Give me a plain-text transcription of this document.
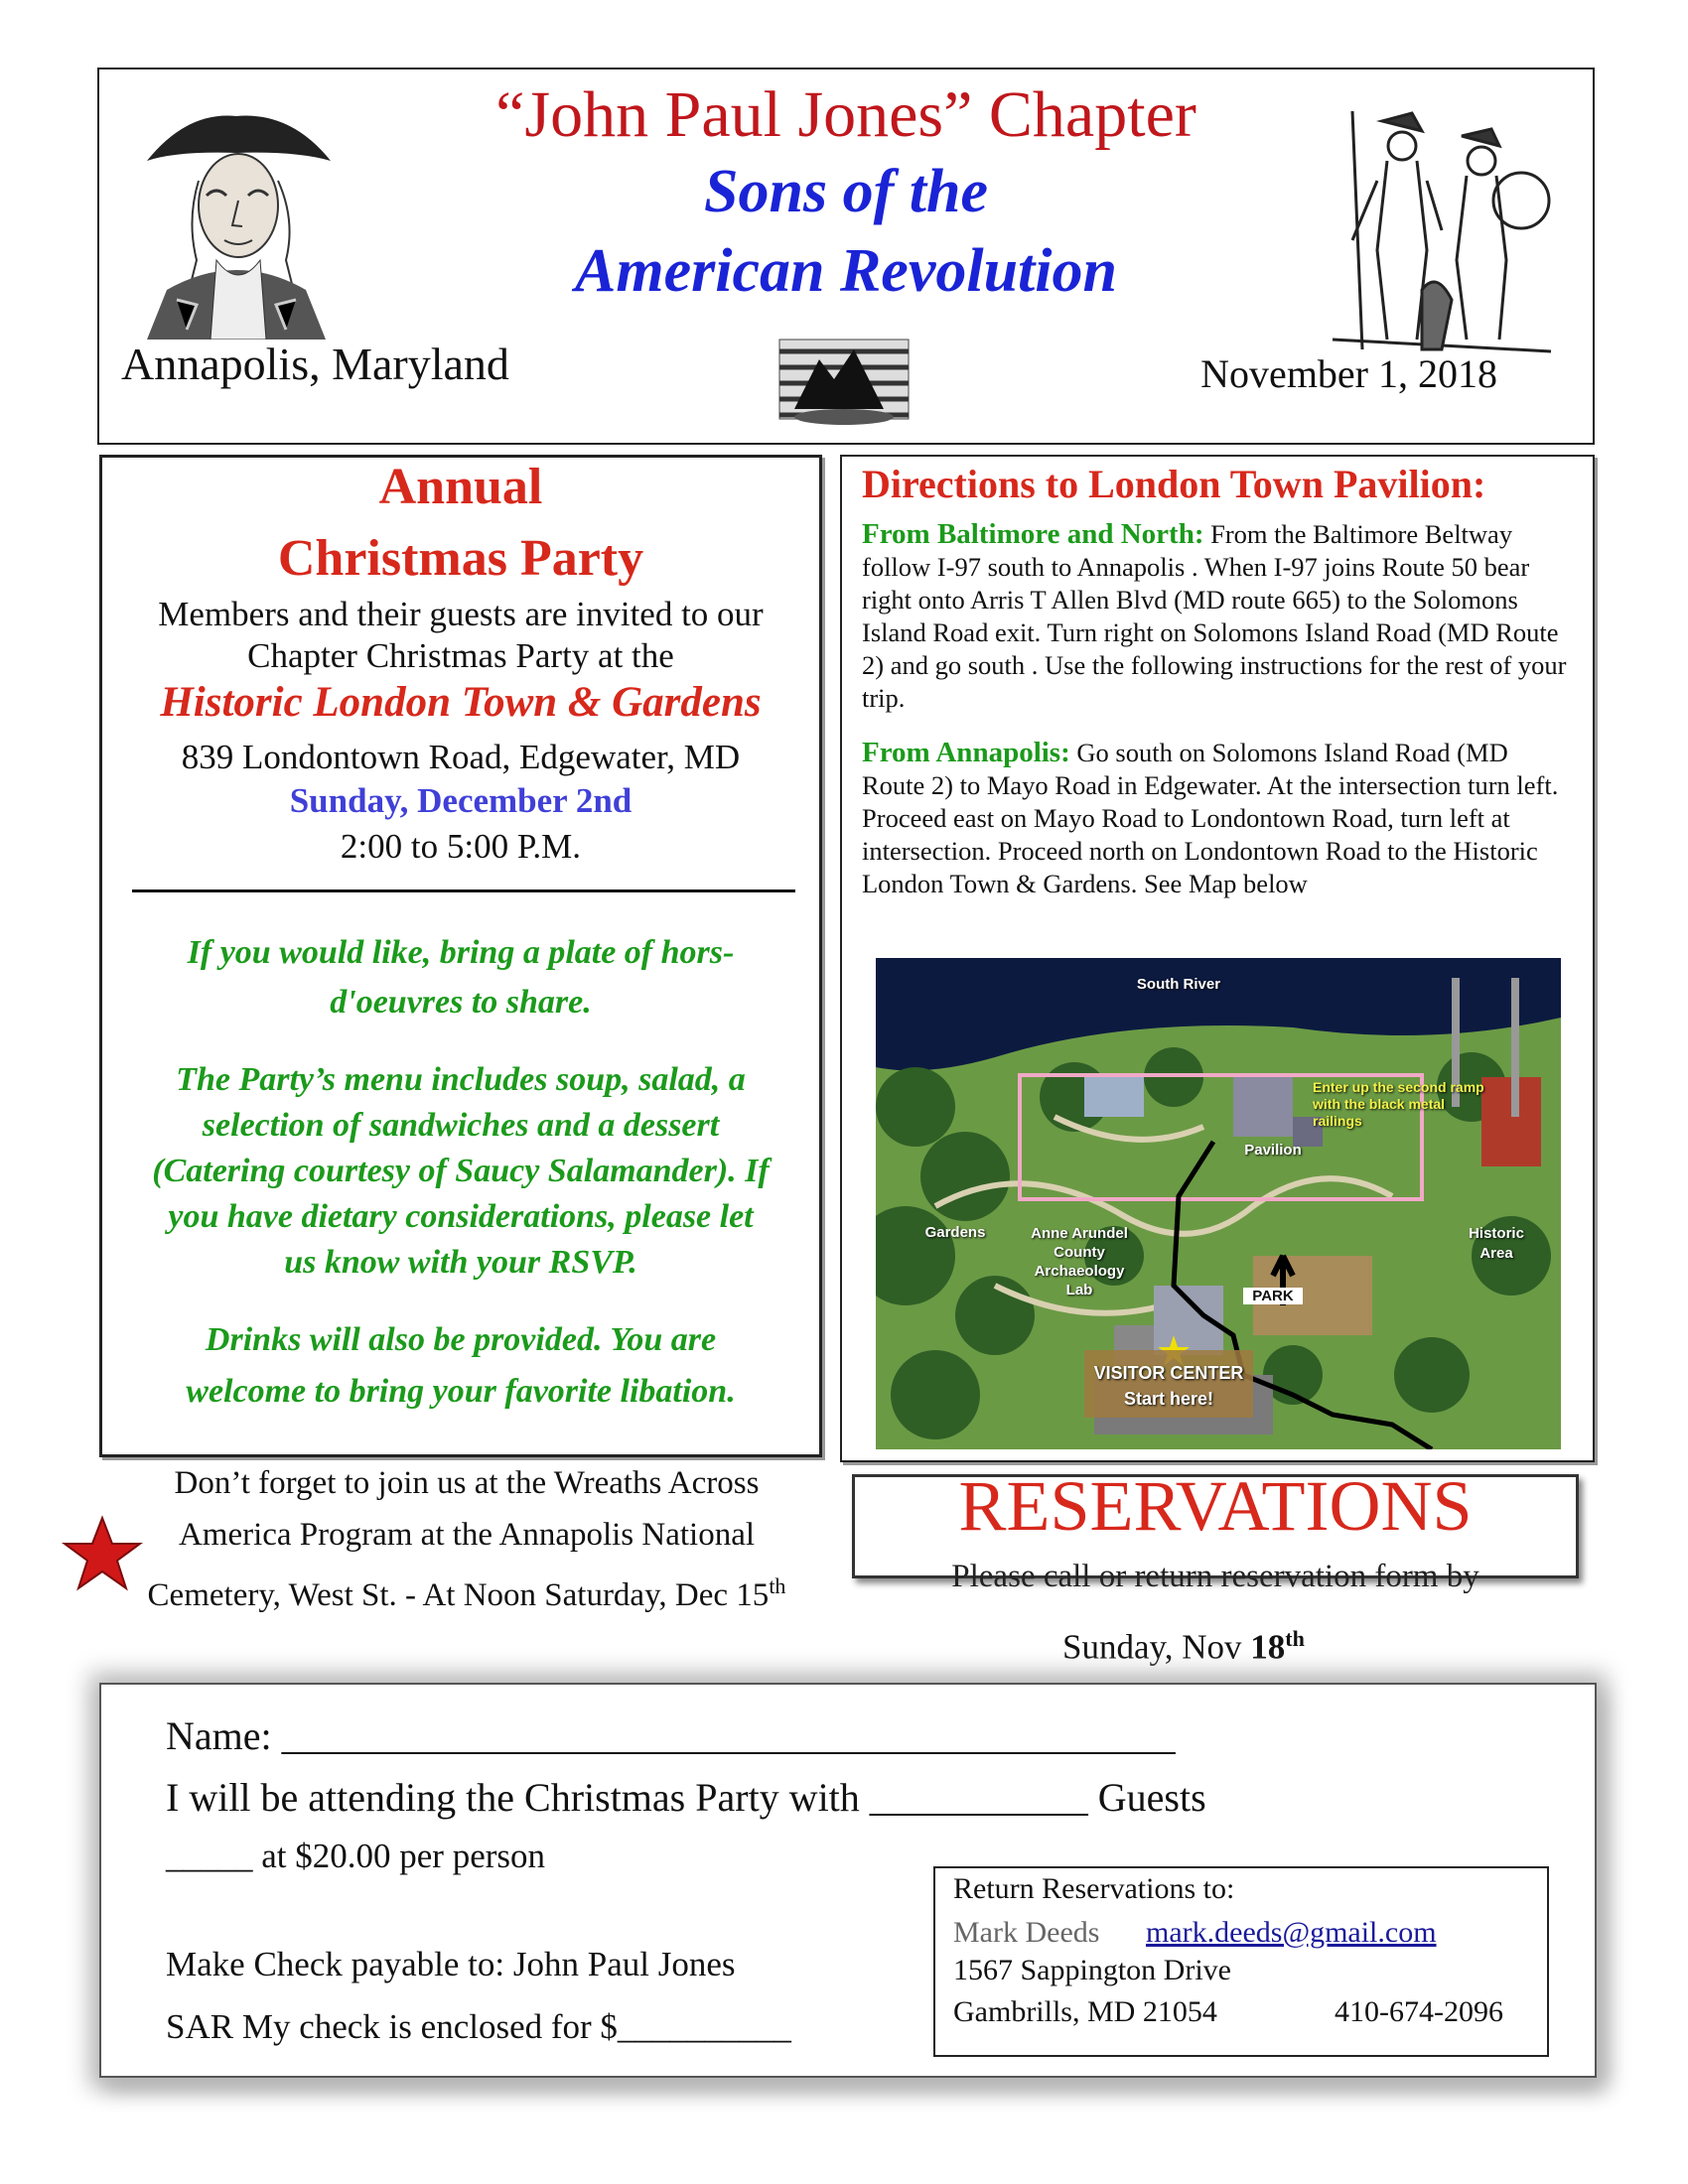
“John Paul Jones” Chapter
Sons of the
American Revolution
Annapolis, Maryland	November 1, 2018
Annual
Christmas Party
Members and their guests are invited to our
Chapter Christmas Party at the
Historic London Town & Gardens
839 Londontown Road, Edgewater, MD
Sunday, December 2nd
2:00 to 5:00 P.M.
If you would like, bring a plate of hors-
d'oeuvres to share.
The Party’s menu includes soup, salad, a
selection of sandwiches and a dessert
(Catering courtesy of Saucy Salamander). If
you have dietary considerations, please let
us know with your RSVP.
Drinks will also be provided. You are
welcome to bring your favorite libation.
Directions to London Town Pavilion:
From Baltimore and North: From the Baltimore Beltway follow I-97 south to Annapolis . When I-97 joins Route 50 bear right onto Arris T Allen Blvd (MD route 665) to the Solomons Island Road exit. Turn right on Solomons Island Road (MD Route 2) and go south . Use the following instructions for the rest of your trip.
From Annapolis: Go south on Solomons Island Road (MD Route 2) to Mayo Road in Edgewater. At the intersection turn left. Proceed east on Mayo Road to Londontown Road, turn left at intersection. Proceed north on Londontown Road to the Historic London Town & Gardens. See Map below
South River
Pavilion
Gardens	Anne Arundel
County
Archaeology
Lab
Historic
Area
PARK
VISITOR CENTER
Start here!
Enter up the second ramp
with the black metal
railings
Don’t forget to join us at the Wreaths Across
America Program at the Annapolis National
Cemetery, West St. - At Noon Saturday, Dec 15th
RESERVATIONS
Please call or return reservation form by
Sunday, Nov 18th
Name: _____________________________________________
I will be attending the Christmas Party with ___________ Guests
_____ at $20.00 per person
Make Check payable to: John Paul Jones
SAR My check is enclosed for $__________
Return Reservations to:
Mark Deeds mark.deeds@gmail.com
1567 Sappington Drive
Gambrills, MD 21054	410-674-2096
